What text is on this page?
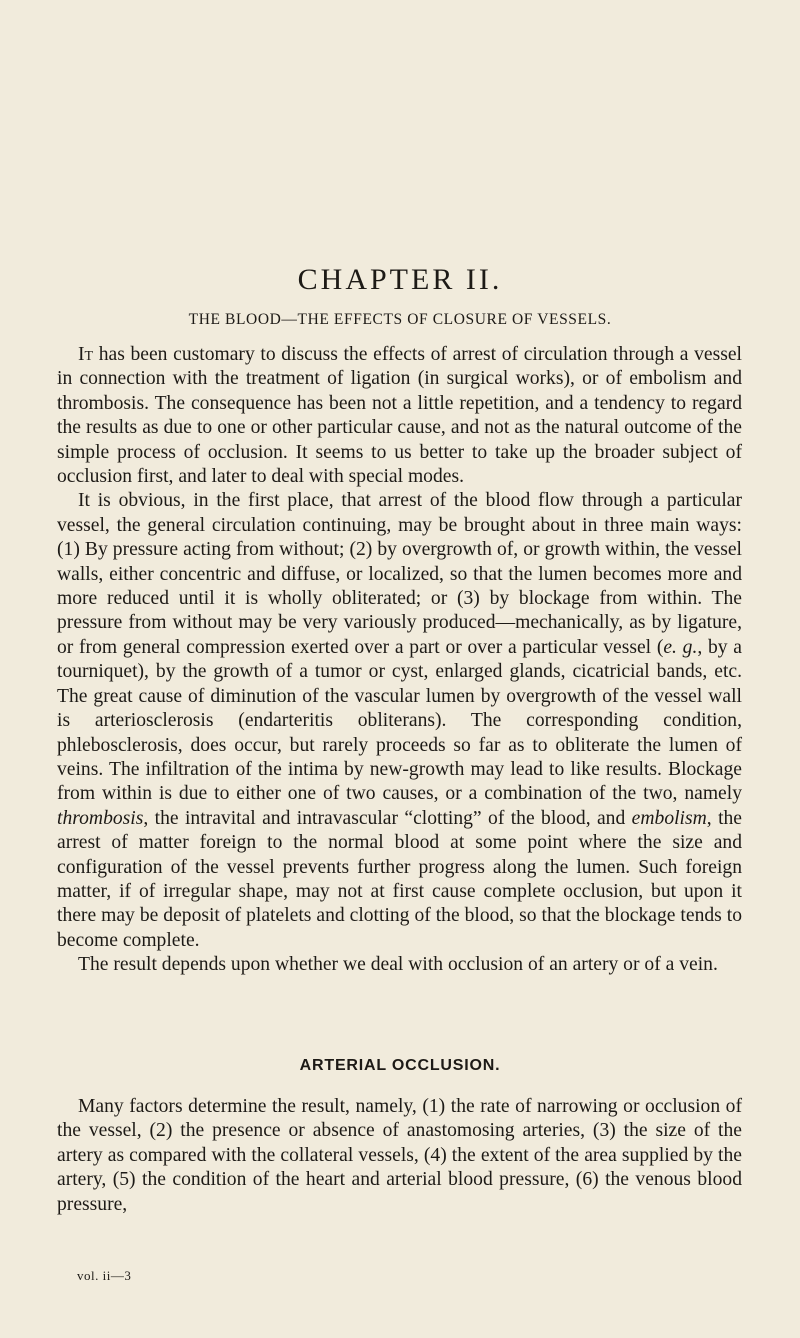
CHAPTER II.
THE BLOOD—THE EFFECTS OF CLOSURE OF VESSELS.

It has been customary to discuss the effects of arrest of circulation through a vessel in connection with the treatment of ligation (in surgical works), or of embolism and thrombosis. The consequence has been not a little repetition, and a tendency to regard the results as due to one or other particular cause, and not as the natural outcome of the simple process of occlusion. It seems to us better to take up the broader subject of occlusion first, and later to deal with special modes.

It is obvious, in the first place, that arrest of the blood flow through a particular vessel, the general circulation continuing, may be brought about in three main ways: (1) By pressure acting from without; (2) by overgrowth of, or growth within, the vessel walls, either concentric and diffuse, or localized, so that the lumen becomes more and more reduced until it is wholly obliterated; or (3) by blockage from within. The pressure from without may be very variously produced—mechanically, as by ligature, or from general compression exerted over a part or over a particular vessel (e. g., by a tourniquet), by the growth of a tumor or cyst, enlarged glands, cicatricial bands, etc. The great cause of diminution of the vascular lumen by overgrowth of the vessel wall is arteriosclerosis (endarteritis obliterans). The corresponding condition, phlebosclerosis, does occur, but rarely proceeds so far as to obliterate the lumen of veins. The infiltration of the intima by new-growth may lead to like results. Blockage from within is due to either one of two causes, or a combination of the two, namely thrombosis, the intravital and intravascular “clotting” of the blood, and embolism, the arrest of matter foreign to the normal blood at some point where the size and configuration of the vessel prevents further progress along the lumen. Such foreign matter, if of irregular shape, may not at first cause complete occlusion, but upon it there may be deposit of platelets and clotting of the blood, so that the blockage tends to become complete.

The result depends upon whether we deal with occlusion of an artery or of a vein.

ARTERIAL OCCLUSION.

Many factors determine the result, namely, (1) the rate of narrowing or occlusion of the vessel, (2) the presence or absence of anastomosing arteries, (3) the size of the artery as compared with the collateral vessels, (4) the extent of the area supplied by the artery, (5) the condition of the heart and arterial blood pressure, (6) the venous blood pressure,

vol. ii—3
